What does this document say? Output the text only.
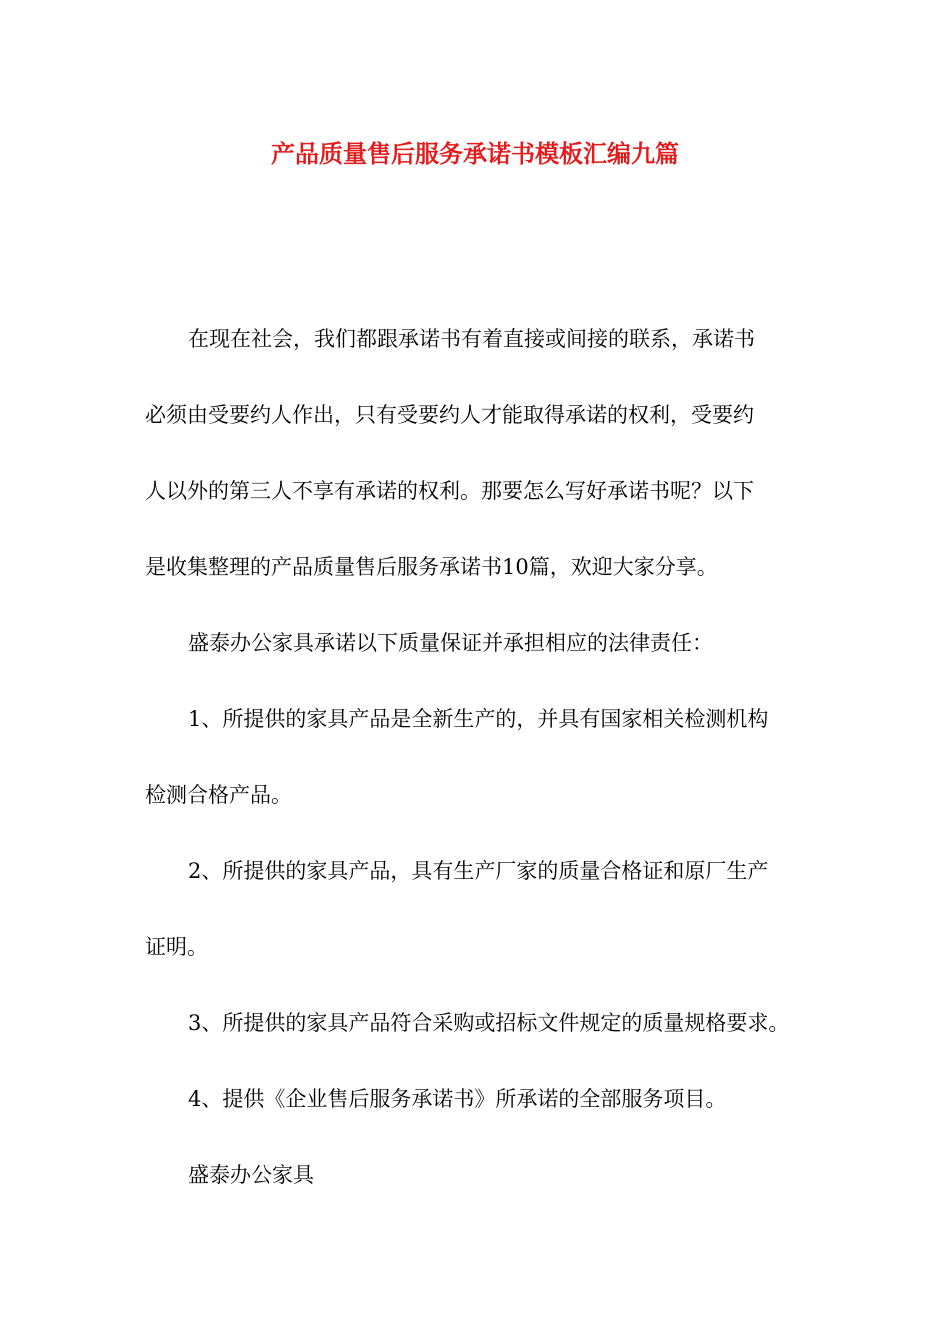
产品质量售后服务承诺书模板汇编九篇
在现在社会，我们都跟承诺书有着直接或间接的联系，承诺书
必须由受要约人作出，只有受要约人才能取得承诺的权利，受要约
人以外的第三人不享有承诺的权利。那要怎么写好承诺书呢？以下
是收集整理的产品质量售后服务承诺书10篇，欢迎大家分享。
盛泰办公家具承诺以下质量保证并承担相应的法律责任：
1、所提供的家具产品是全新生产的，并具有国家相关检测机构
检测合格产品。
2、所提供的家具产品，具有生产厂家的质量合格证和原厂生产
证明。
3、所提供的家具产品符合采购或招标文件规定的质量规格要求。
4、提供《企业售后服务承诺书》所承诺的全部服务项目。
盛泰办公家具
